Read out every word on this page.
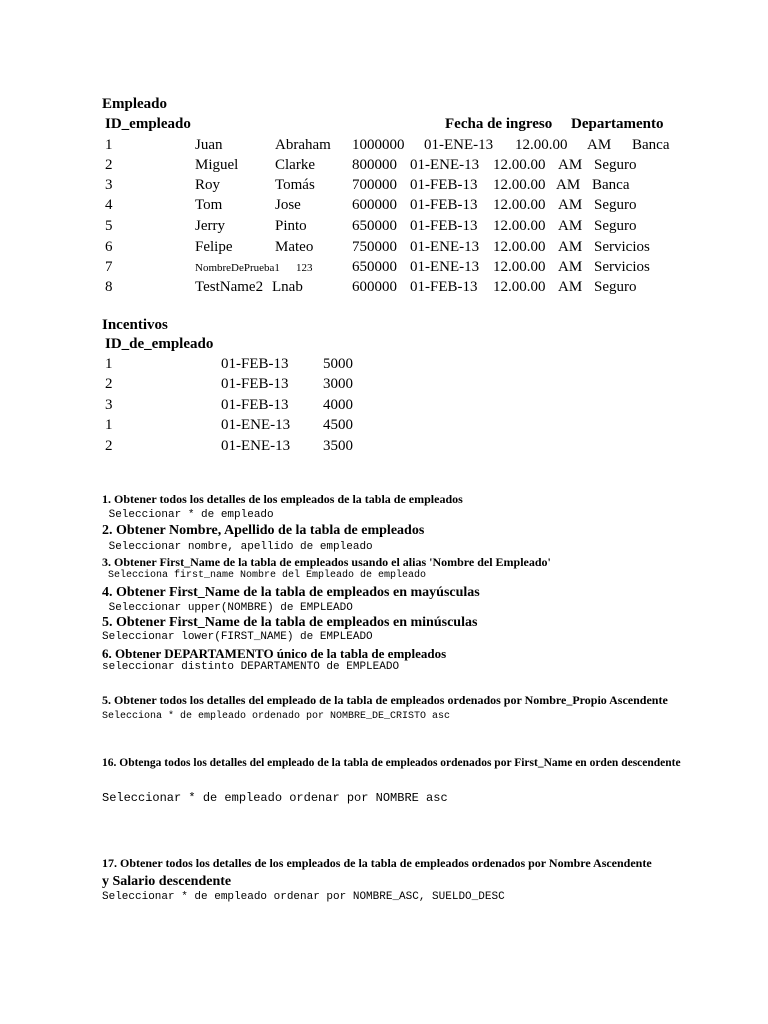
Empleado
ID_empleado	Fecha de ingreso Departamento
1	Juan	Abraham 1000000 01-ENE-13 12.00.00 AM Banca
2	Miguel Clarke 800000 01-ENE-13 12.00.00 AM Seguro
3	Roy	Tomás 700000 01-FEB-13 12.00.00 AM Banca
4	Tom	Jose	600000 01-FEB-13 12.00.00 AM Seguro
5	Jerry	Pinto	650000 01-FEB-13 12.00.00 AM Seguro
6	Felipe	Mateo	750000 01-ENE-13 12.00.00 AM Servicios
7	NombreDePrueba1 123	650000 01-ENE-13 12.00.00 AM Servicios
8	TestName2 Lnab	600000 01-FEB-13 12.00.00 AM Seguro
Incentivos
ID_de_empleado
1	01-FEB-13 5000
2	01-FEB-13 3000
3	01-FEB-13 4000
1	01-ENE-13 4500
2	01-ENE-13 3500
1. Obtener todos los detalles de los empleados de la tabla de empleados
Seleccionar * de empleado
2. Obtener Nombre, Apellido de la tabla de empleados
Seleccionar nombre, apellido de empleado
3. Obtener First_Name de la tabla de empleados usando el alias 'Nombre del Empleado'
Selecciona first_name Nombre del Empleado de empleado
4. Obtener First_Name de la tabla de empleados en mayúsculas
Seleccionar upper(NOMBRE) de EMPLEADO
5. Obtener First_Name de la tabla de empleados en minúsculas
Seleccionar lower(FIRST_NAME) de EMPLEADO
6. Obtener DEPARTAMENTO único de la tabla de empleados
seleccionar distinto DEPARTAMENTO de EMPLEADO
5. Obtener todos los detalles del empleado de la tabla de empleados ordenados por Nombre_Propio Ascendente
Selecciona * de empleado ordenado por NOMBRE_DE_CRISTO asc
16. Obtenga todos los detalles del empleado de la tabla de empleados ordenados por First_Name en orden descendente
Seleccionar * de empleado ordenar por NOMBRE asc
17. Obtener todos los detalles de los empleados de la tabla de empleados ordenados por Nombre Ascendente
y Salario descendente
Seleccionar * de empleado ordenar por NOMBRE_ASC, SUELDO_DESC
